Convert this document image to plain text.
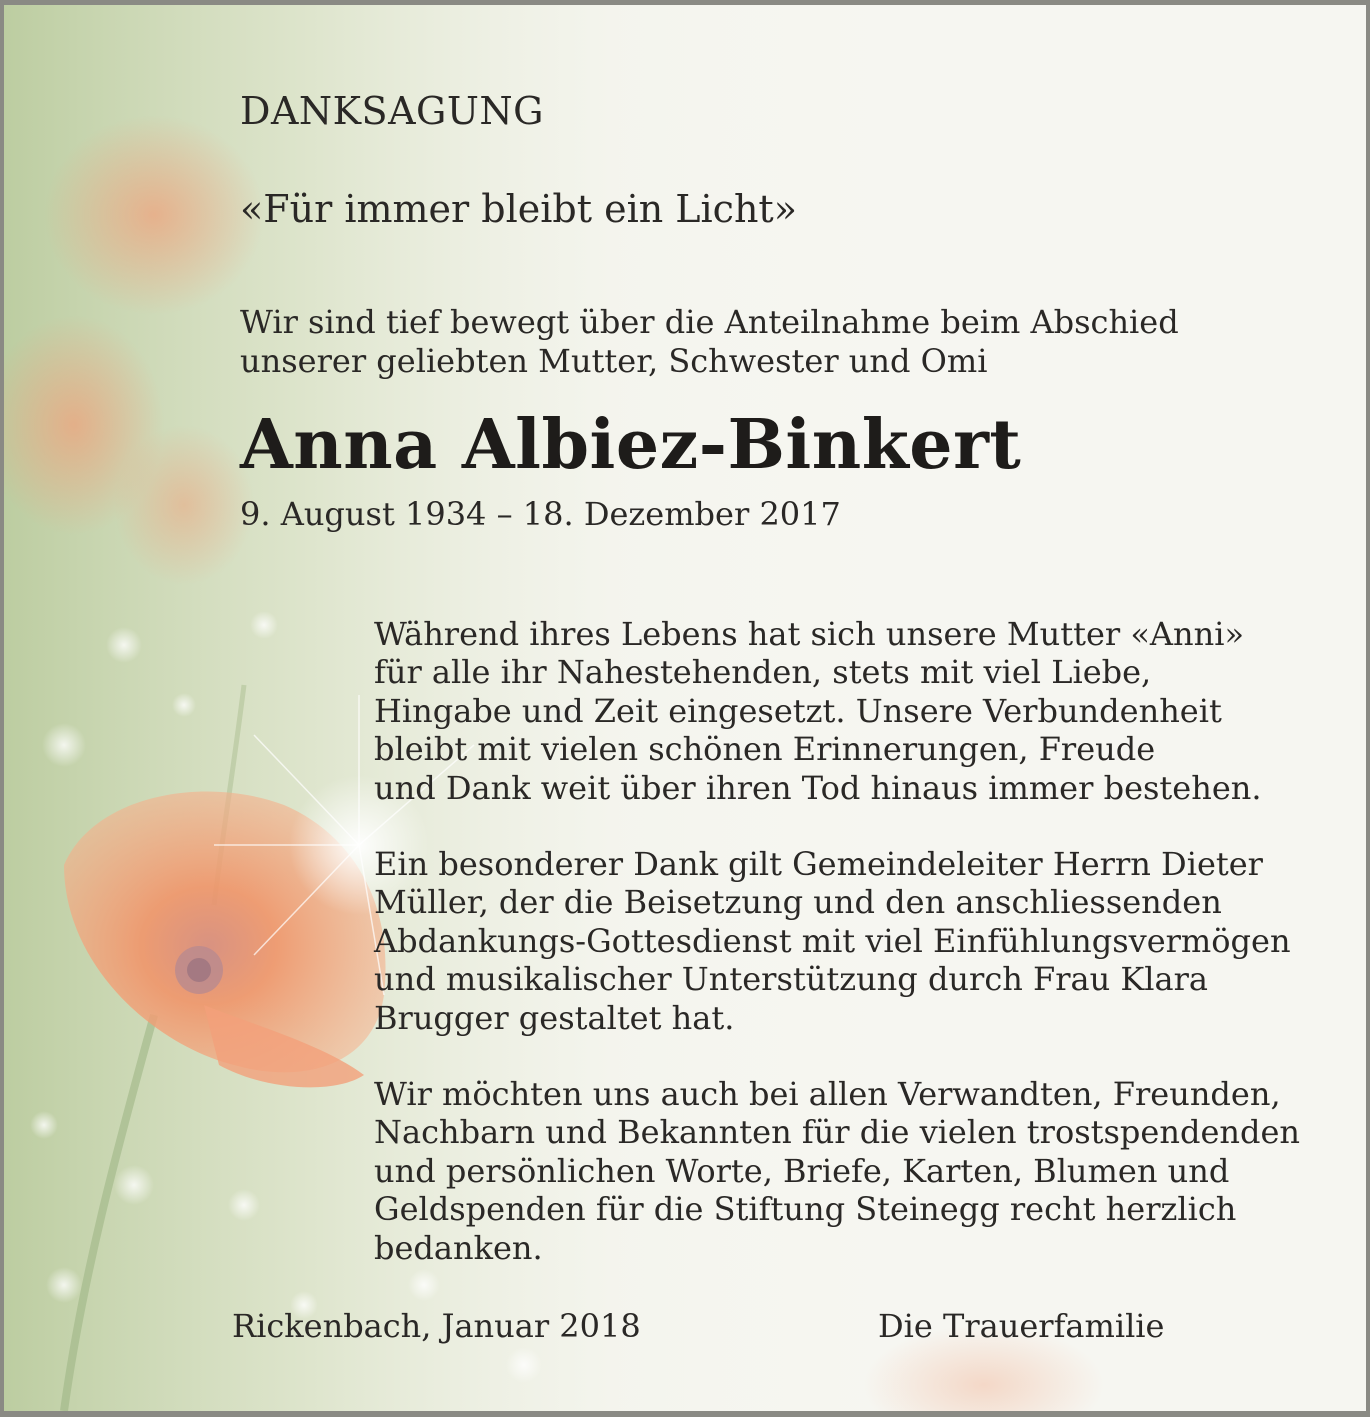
DANKSAGUNG
«Für immer bleibt ein Licht»
Wir sind tief bewegt über die Anteilnahme beim Abschied
unserer geliebten Mutter, Schwester und Omi
Anna Albiez-Binkert
9. August 1934 – 18. Dezember 2017
Während ihres Lebens hat sich unsere Mutter «Anni»
für alle ihr Nahestehenden, stets mit viel Liebe,
Hingabe und Zeit eingesetzt. Unsere Verbundenheit
bleibt mit vielen schönen Erinnerungen, Freude
und Dank weit über ihren Tod hinaus immer bestehen.
Ein besonderer Dank gilt Gemeindeleiter Herrn Dieter
Müller, der die Beisetzung und den anschliessenden
Abdankungs-Gottesdienst mit viel Einfühlungsvermögen
und musikalischer Unterstützung durch Frau Klara
Brugger gestaltet hat.
Wir möchten uns auch bei allen Verwandten, Freunden,
Nachbarn und Bekannten für die vielen trostspendenden
und persönlichen Worte, Briefe, Karten, Blumen und
Geldspenden für die Stiftung Steinegg recht herzlich
bedanken.
Rickenbach, Januar 2018	Die Trauerfamilie
